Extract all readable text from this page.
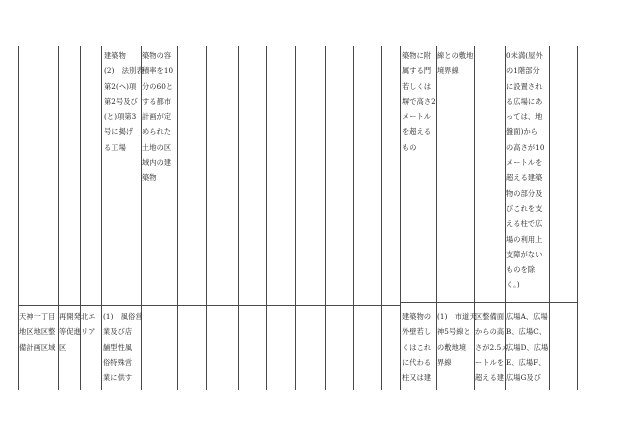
建築物
(2)　法別表
第2(へ)項
第2号及び
(と)項第3
号に掲げ
る工場
築物の容
積率を10
分の60と
する都市
計画が定
められた
土地の区
域内の建
築物
築物に附
属する門
若しくは
塀で高さ2
メートル
を超える
もの
線との敷地
境界線
0未満(屋外
の1階部分
に設置され
る広場にあ
っては、地
盤面)から
の高さが10
メートルを
超える建築
物の部分及
びこれを支
える柱で広
場の利用上
支障がない
ものを除
く。)
天神一丁目
地区地区整
備計画区域
再開発
等促進
区
北エ
リア
(1)　風俗営
業及び店
舗型性風
俗特殊営
業に供す
建築物の
外壁若し
くはこれ
に代わる
柱又は建
(1)　市道天
神5号線と
の敷地境
界線
区整備面
からの高
さが2.5メ
ートルを
超える建
広場A、広場
B、広場C、
広場D、広場
E、広場F、
広場G及び
